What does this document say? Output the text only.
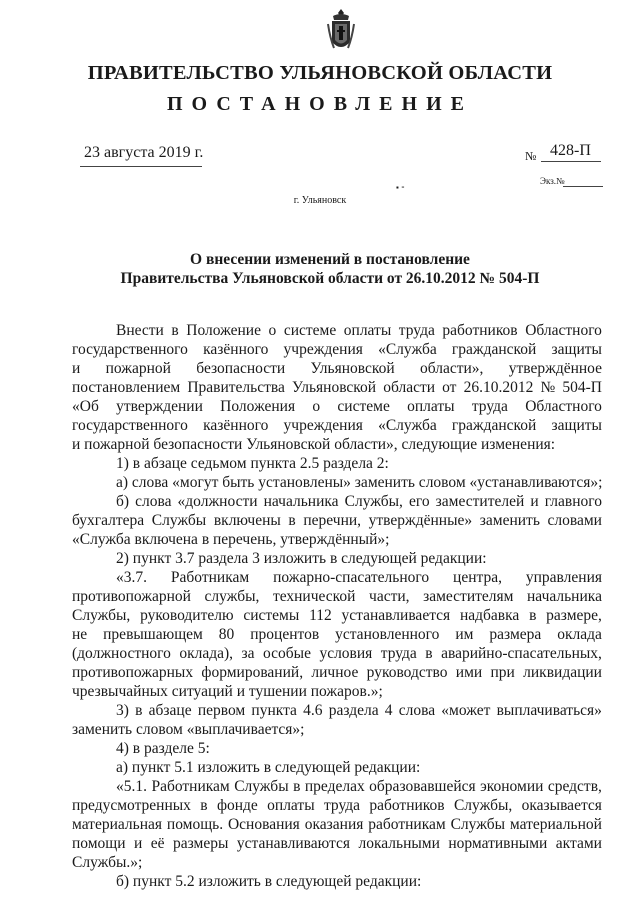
ПРАВИТЕЛЬСТВО УЛЬЯНОВСКОЙ ОБЛАСТИ
ПОСТАНОВЛЕНИЕ
23 августа 2019 г.	№ 428-П
Экз.№
▪ ⁃
г. Ульяновск
О внесении изменений в постановление
Правительства Ульяновской области от 26.10.2012 № 504-П
Внести в Положение о системе оплаты труда работников Областного
государственного казённого учреждения «Служба гражданской защиты
и пожарной безопасности Ульяновской области», утверждённое
постановлением Правительства Ульяновской области от 26.10.2012 № 504-П
«Об утверждении Положения о системе оплаты труда Областного
государственного казённого учреждения «Служба гражданской защиты
и пожарной безопасности Ульяновской области», следующие изменения:
1) в абзаце седьмом пункта 2.5 раздела 2:
а) слова «могут быть установлены» заменить словом «устанавливаются»;
б) слова «должности начальника Службы, его заместителей и главного
бухгалтера Службы включены в перечни, утверждённые» заменить словами
«Служба включена в перечень, утверждённый»;
2) пункт 3.7 раздела 3 изложить в следующей редакции:
«3.7. Работникам пожарно-спасательного центра, управления
противопожарной службы, технической части, заместителям начальника
Службы, руководителю системы 112 устанавливается надбавка в размере,
не превышающем 80 процентов установленного им размера оклада
(должностного оклада), за особые условия труда в аварийно-спасательных,
противопожарных формирований, личное руководство ими при ликвидации
чрезвычайных ситуаций и тушении пожаров.»;
3) в абзаце первом пункта 4.6 раздела 4 слова «может выплачиваться»
заменить словом «выплачивается»;
4) в разделе 5:
а) пункт 5.1 изложить в следующей редакции:
«5.1. Работникам Службы в пределах образовавшейся экономии средств,
предусмотренных в фонде оплаты труда работников Службы, оказывается
материальная помощь. Основания оказания работникам Службы материальной
помощи и её размеры устанавливаются локальными нормативными актами
Службы.»;
б) пункт 5.2 изложить в следующей редакции:
